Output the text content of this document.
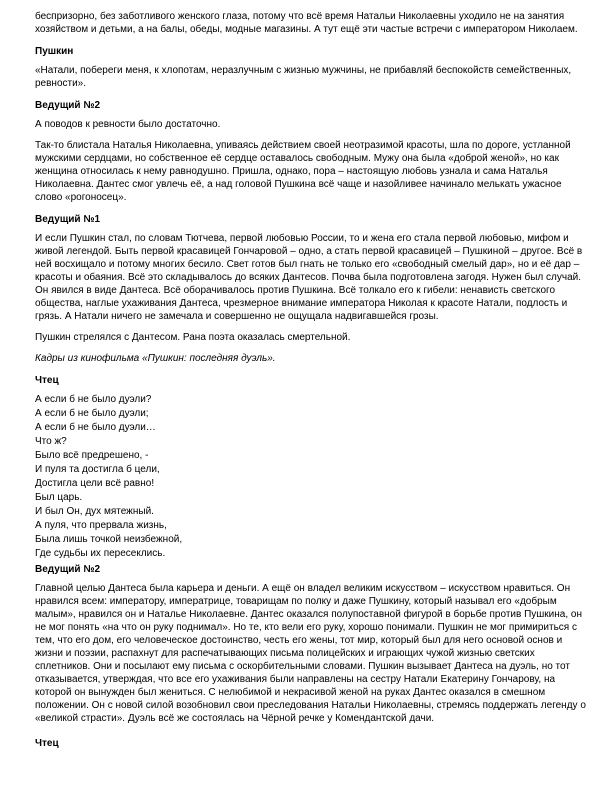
беспризорно, без заботливого женского глаза, потому что всё время Натальи Николаевны уходило не на занятия хозяйством и детьми, а на балы, обеды, модные магазины. А тут ещё эти частые встречи с императором Николаем.

Пушкин

«Натали, побереги меня, к хлопотам, неразлучным с жизнью мужчины, не прибавляй беспокойств семейственных, ревности».

Ведущий №2

А поводов к ревности было достаточно.

Так-то блистала Наталья Николаевна, упиваясь действием своей неотразимой красоты, шла по дороге, устланной мужскими сердцами, но собственное её сердце оставалось свободным. Мужу она была «доброй женой», но как женщина относилась к нему равнодушно. Пришла, однако, пора – настоящую любовь узнала и сама Наталья Николаевна. Дантес смог увлечь её, а над головой Пушкина всё чаще и назойливее начинало мелькать ужасное слово «рогоносец».

Ведущий №1

И если Пушкин стал, по словам Тютчева, первой любовью России, то и жена его стала первой любовью, мифом и живой легендой. Быть первой красавицей Гончаровой – одно, а стать первой красавицей – Пушкиной – другое. Всё в ней восхищало и потому многих бесило. Свет готов был гнать не только его «свободный смелый дар», но и её дар – красоты и обаяния. Всё это складывалось до всяких Дантесов. Почва была подготовлена загодя. Нужен был случай. Он явился в виде Дантеса. Всё оборачивалось против Пушкина. Всё толкало его к гибели: ненависть светского общества, наглые ухаживания Дантеса, чрезмерное внимание императора Николая к красоте Натали, подлость и грязь. А Натали ничего не замечала и совершенно не ощущала надвигавшейся грозы.

Пушкин стрелялся с Дантесом. Рана поэта оказалась смертельной.

Кадры из кинофильма «Пушкин: последняя дуэль».

Чтец

А если б не было дуэли?

А если б не было дуэли;

А если б не было дуэли…

Что ж?

Было всё предрешено, -

И пуля та достигла б цели,

Достигла цели всё равно!

Был царь.

И был Он, дух мятежный.

А пуля, что прервала жизнь,

Была лишь точкой неизбежной,

Где судьбы их пересеклись.

Ведущий №2

Главной целью Дантеса была карьера и деньги. А ещё он владел великим искусством – искусством нравиться. Он нравился всем: императору, императрице, товарищам по полку и даже Пушкину, который называл его «добрым малым», нравился он и Натальe Николаевне. Дантес оказался полупоставной фигурой в борьбе против Пушкина, он не мог понять «на что он руку поднимал». Но те, кто вели его руку, хорошо понимали. Пушкин не мог примириться с тем, что его дом, его человеческое достоинство, честь его жены, тот мир, который был для него основой основ и жизни и поэзии, распахнут для распечатывающих письма полицейских и играющих чужой жизнью светских сплетников. Они и посылают ему письма с оскорбительными словами. Пушкин вызывает Дантеса на дуэль, но тот отказывается, утверждая, что все его ухаживания были направлены на сестру Натали Екатерину Гончарову, на которой он вынужден был жениться. С нелюбимой и некрасивой женой на руках Дантес оказался в смешном положении. Он с новой силой возобновил свои преследования Натальи Николаевны, стремясь поддержать легенду о «великой страсти». Дуэль всё же состоялась на Чёрной речке у Комендантской дачи.

Чтец
